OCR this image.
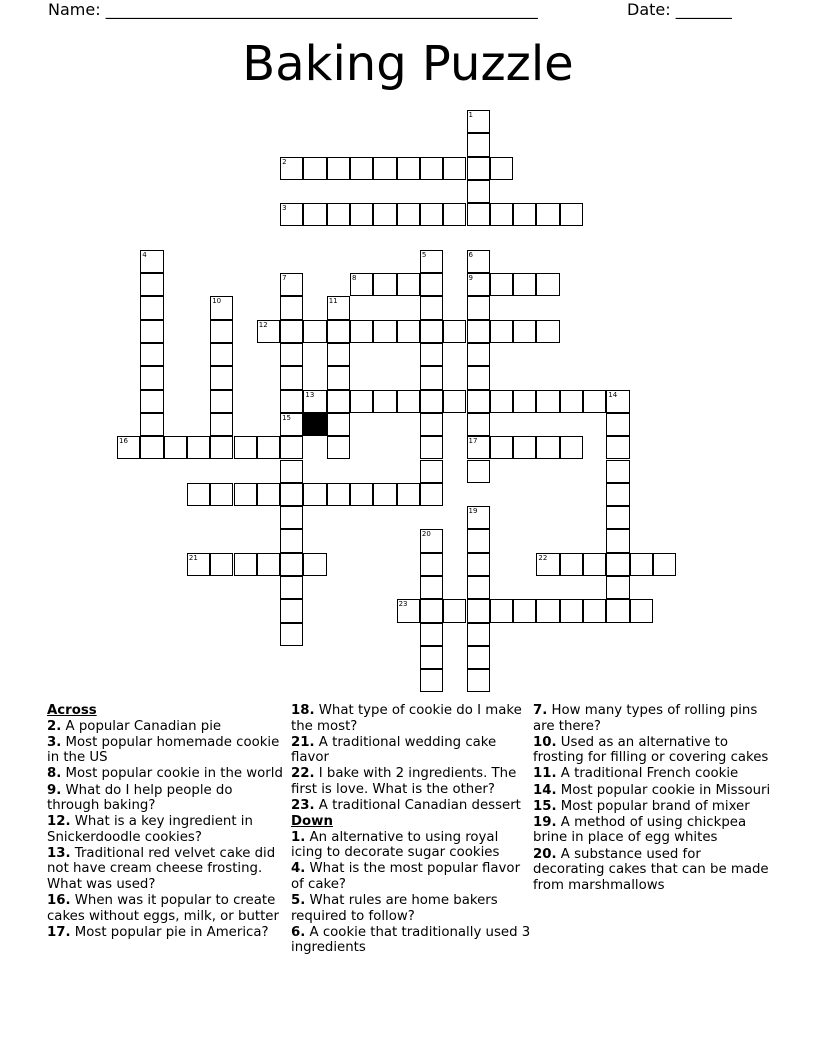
Name: ______________________________________________________	Date: _______
Baking Puzzle
1
2
3
4	5	6
9
17
7
15
8
10	11
12
13	14
16
19
20
21	22
23
Across
2. A popular Canadian pie
3. Most popular homemade cookie in the US
8. Most popular cookie in the world
9. What do I help people do through baking?
12. What is a key ingredient in Snickerdoodle cookies?
13. Traditional red velvet cake did not have cream cheese frosting. What was used?
16. When was it popular to create cakes without eggs, milk, or butter
17. Most popular pie in America?
18. What type of cookie do I make the most?
21. A traditional wedding cake flavor
22. I bake with 2 ingredients. The first is love. What is the other?
23. A traditional Canadian dessert
Down
1. An alternative to using royal icing to decorate sugar cookies
4. What is the most popular flavor of cake?
5. What rules are home bakers required to follow?
6. A cookie that traditionally used 3 ingredients
7. How many types of rolling pins are there?
10. Used as an alternative to frosting for filling or covering cakes
11. A traditional French cookie
14. Most popular cookie in Missouri
15. Most popular brand of mixer
19. A method of using chickpea brine in place of egg whites
20. A substance used for decorating cakes that can be made from marshmallows
